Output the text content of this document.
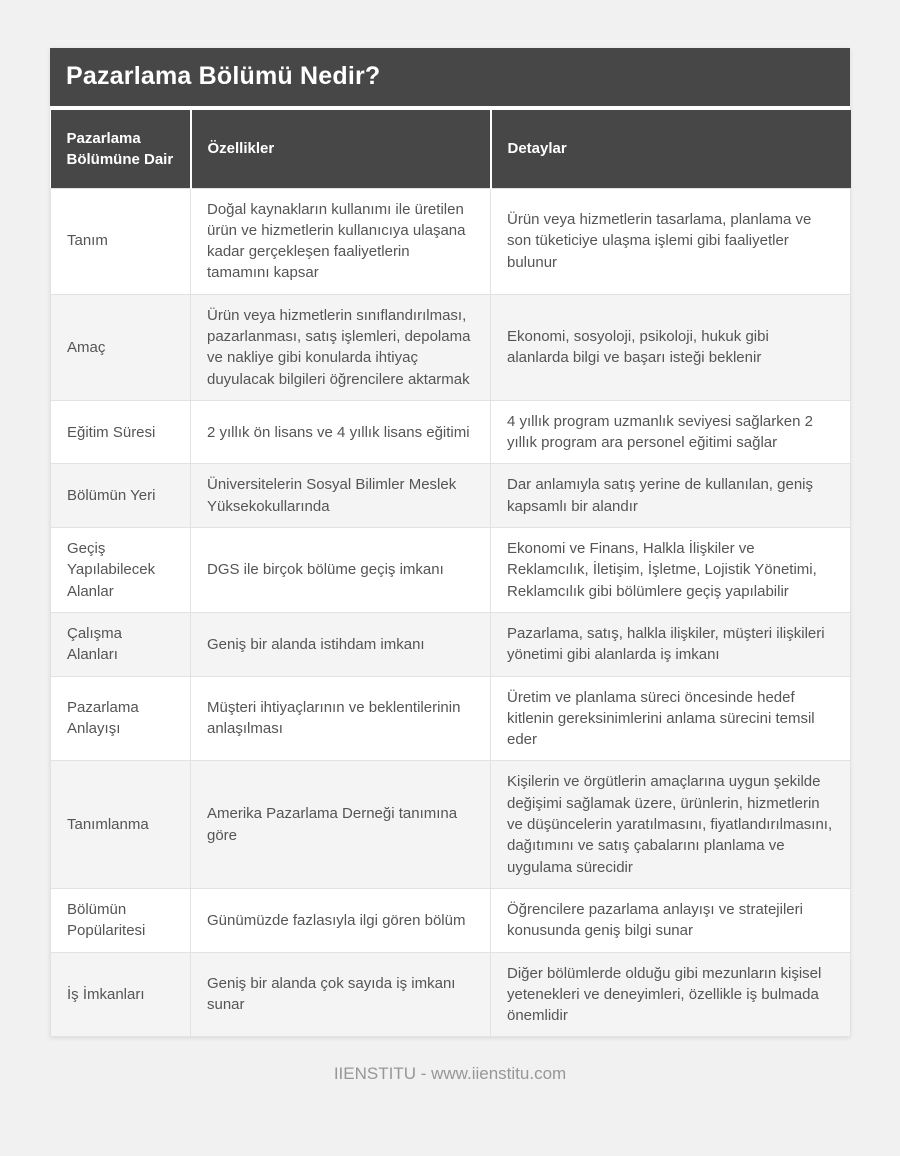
Pazarlama Bölümü Nedir?
Pazarlama Bölümüne Dair	Özellikler	Detaylar
Tanım	Doğal kaynakların kullanımı ile üretilen ürün ve hizmetlerin kullanıcıya ulaşana kadar gerçekleşen faaliyetlerin tamamını kapsar	Ürün veya hizmetlerin tasarlama, planlama ve son tüketiciye ulaşma işlemi gibi faaliyetler bulunur
Amaç	Ürün veya hizmetlerin sınıflandırılması, pazarlanması, satış işlemleri, depolama ve nakliye gibi konularda ihtiyaç duyulacak bilgileri öğrencilere aktarmak	Ekonomi, sosyoloji, psikoloji, hukuk gibi alanlarda bilgi ve başarı isteği beklenir
Eğitim Süresi	2 yıllık ön lisans ve 4 yıllık lisans eğitimi	4 yıllık program uzmanlık seviyesi sağlarken 2 yıllık program ara personel eğitimi sağlar
Bölümün Yeri	Üniversitelerin Sosyal Bilimler Meslek Yüksekokullarında	Dar anlamıyla satış yerine de kullanılan, geniş kapsamlı bir alandır
Geçiş Yapılabilecek Alanlar	DGS ile birçok bölüme geçiş imkanı	Ekonomi ve Finans, Halkla İlişkiler ve Reklamcılık, İletişim, İşletme, Lojistik Yönetimi, Reklamcılık gibi bölümlere geçiş yapılabilir
Çalışma Alanları	Geniş bir alanda istihdam imkanı	Pazarlama, satış, halkla ilişkiler, müşteri ilişkileri yönetimi gibi alanlarda iş imkanı
Pazarlama Anlayışı	Müşteri ihtiyaçlarının ve beklentilerinin anlaşılması	Üretim ve planlama süreci öncesinde hedef kitlenin gereksinimlerini anlama sürecini temsil eder
Tanımlanma	Amerika Pazarlama Derneği tanımına göre	Kişilerin ve örgütlerin amaçlarına uygun şekilde değişimi sağlamak üzere, ürünlerin, hizmetlerin ve düşüncelerin yaratılmasını, fiyatlandırılmasını, dağıtımını ve satış çabalarını planlama ve uygulama sürecidir
Bölümün Popülaritesi	Günümüzde fazlasıyla ilgi gören bölüm	Öğrencilere pazarlama anlayışı ve stratejileri konusunda geniş bilgi sunar
İş İmkanları	Geniş bir alanda çok sayıda iş imkanı sunar	Diğer bölümlerde olduğu gibi mezunların kişisel yetenekleri ve deneyimleri, özellikle iş bulmada önemlidir
IIENSTITU - www.iienstitu.com
